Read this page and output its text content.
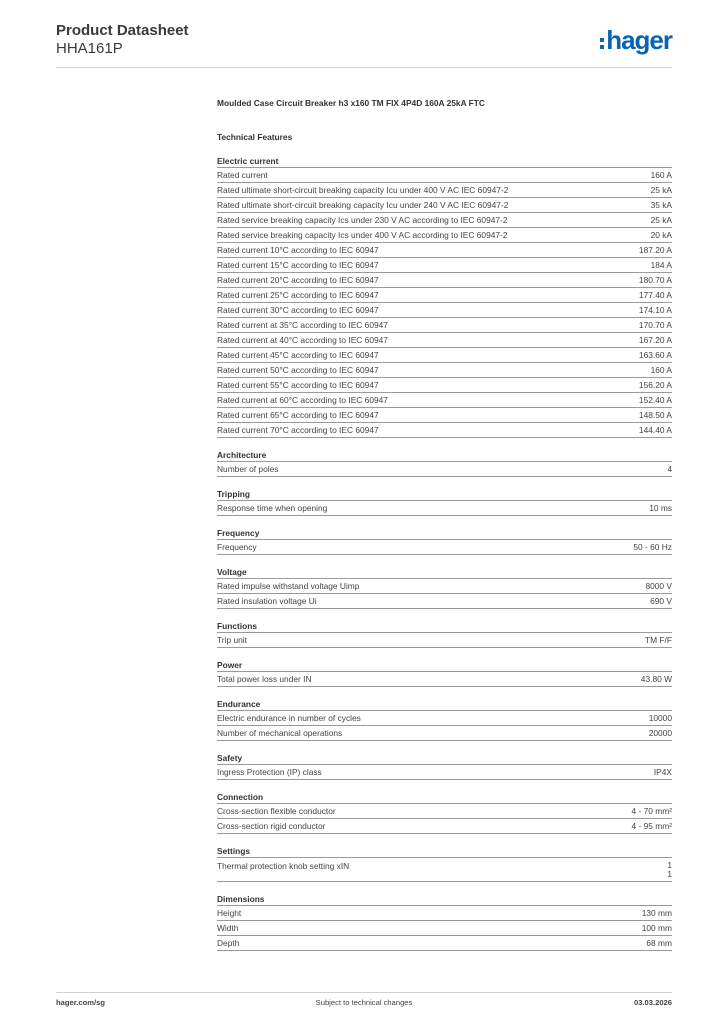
Product Datasheet
HHA161P	hager
Moulded Case Circuit Breaker h3 x160 TM FIX 4P4D 160A 25kA FTC
Technical Features
Electric current
Rated current	160 A
Rated ultimate short-circuit breaking capacity Icu under 400 V AC IEC 60947-2	25 kA
Rated ultimate short-circuit breaking capacity Icu under 240 V AC IEC 60947-2	35 kA
Rated service breaking capacity Ics under 230 V AC according to IEC 60947-2	25 kA
Rated service breaking capacity Ics under 400 V AC according to IEC 60947-2	20 kA
Rated current 10°C according to IEC 60947	187.20 A
Rated current 15°C according to IEC 60947	184 A
Rated current 20°C according to IEC 60947	180.70 A
Rated current 25°C according to IEC 60947	177.40 A
Rated current 30°C according to IEC 60947	174.10 A
Rated current at 35°C according to IEC 60947	170.70 A
Rated current at 40°C according to IEC 60947	167.20 A
Rated current 45°C according to IEC 60947	163.60 A
Rated current 50°C according to IEC 60947	160 A
Rated current 55°C according to IEC 60947	156.20 A
Rated current at 60°C according to IEC 60947	152.40 A
Rated current 65°C according to IEC 60947	148.50 A
Rated current 70°C according to IEC 60947	144.40 A
Architecture
Number of poles	4
Tripping
Response time when opening	10 ms
Frequency
Frequency	50 - 60 Hz
Voltage
Rated impulse withstand voltage Uimp	8000 V
Rated insulation voltage Ui	690 V
Functions
Trip unit	TM F/F
Power
Total power loss under IN	43.80 W
Endurance
Electric endurance in number of cycles	10000
Number of mechanical operations	20000
Safety
Ingress Protection (IP) class	IP4X
Connection
Cross-section flexible conductor	4 - 70 mm²
Cross-section rigid conductor	4 - 95 mm²
Settings
Thermal protection knob setting xIN	1
1
Dimensions
Height	130 mm
Width	100 mm
Depth	68 mm
hager.com/sg	Subject to technical changes	03.03.2026
